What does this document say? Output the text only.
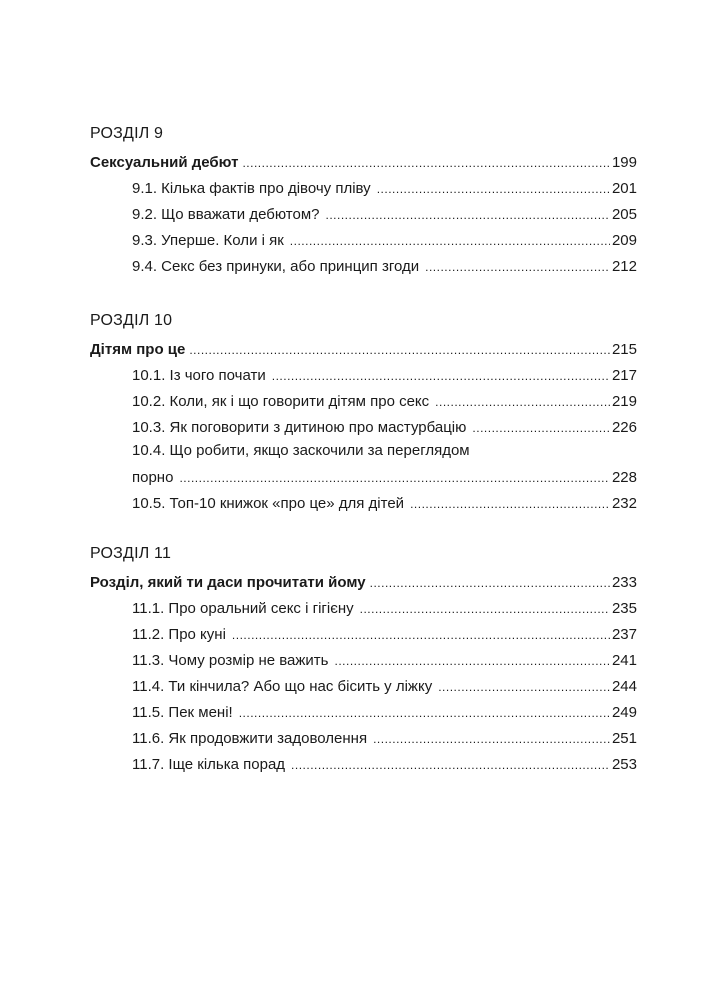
РОЗДІЛ 9
Сексуальний дебют .....	199
9.1. Кілька фактів про дівочу пліву .....	201
9.2. Що вважати дебютом? .....	205
9.3. Уперше. Коли і як .....	209
9.4. Секс без принуки, або принцип згоди .....	212
РОЗДІЛ 10
Дітям про це .....	215
10.1. Із чого почати .....	217
10.2. Коли, як і що говорити дітям про секс .....	219
10.3. Як поговорити з дитиною про мастурбацію .....	226
10.4. Що робити, якщо заскочили за переглядом
порно .....	228
10.5. Топ-10 книжок «про це» для дітей .....	232
РОЗДІЛ 11
Розділ, який ти даси прочитати йому .....	233
11.1. Про оральний секс і гігієну .....	235
11.2. Про куні .....	237
11.3. Чому розмір не важить .....	241
11.4. Ти кінчила? Або що нас бісить у ліжку .....	244
11.5. Пек мені! .....	249
11.6. Як продовжити задоволення .....	251
11.7. Іще кілька порад .....	253
